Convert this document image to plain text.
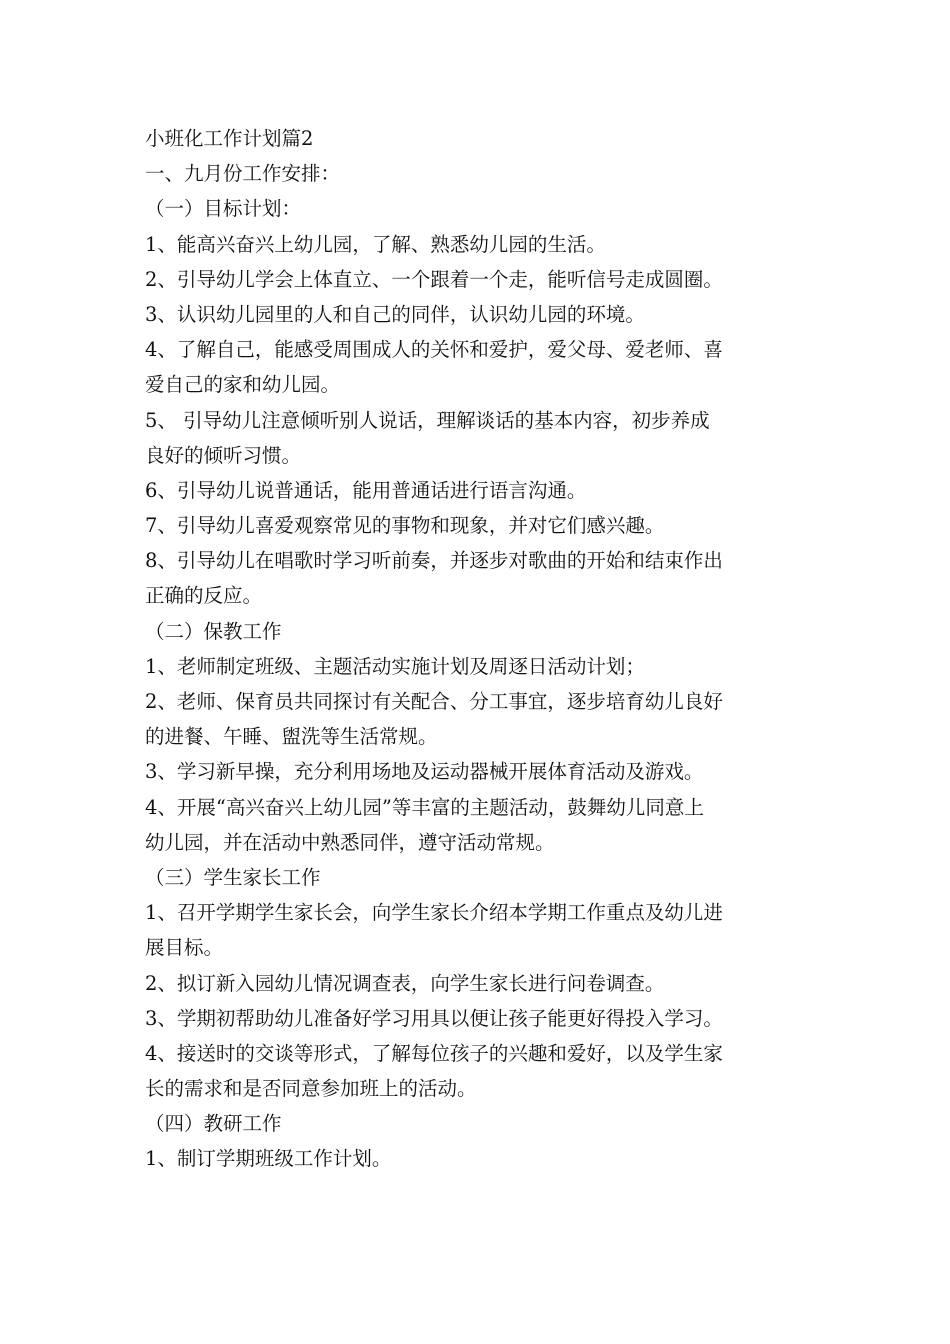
小班化工作计划篇2

一、九月份工作安排：

（一）目标计划：

1、能高兴奋兴上幼儿园，了解、熟悉幼儿园的生活。

2、引导幼儿学会上体直立、一个跟着一个走，能听信号走成圆圈。

3、认识幼儿园里的人和自己的同伴，认识幼儿园的环境。

4、了解自己，能感受周围成人的关怀和爱护，爱父母、爱老师、喜

爱自己的家和幼儿园。

5、 引导幼儿注意倾听别人说话，理解谈话的基本内容，初步养成

良好的倾听习惯。

6、引导幼儿说普通话，能用普通话进行语言沟通。

7、引导幼儿喜爱观察常见的事物和现象，并对它们感兴趣。

8、引导幼儿在唱歌时学习听前奏，并逐步对歌曲的开始和结束作出

正确的反应。

（二）保教工作

1、老师制定班级、主题活动实施计划及周逐日活动计划；

2、老师、保育员共同探讨有关配合、分工事宜，逐步培育幼儿良好

的进餐、午睡、盥洗等生活常规。

3、学习新早操，充分利用场地及运动器械开展体育活动及游戏。

4、开展“高兴奋兴上幼儿园”等丰富的主题活动，鼓舞幼儿同意上

幼儿园，并在活动中熟悉同伴，遵守活动常规。

（三）学生家长工作

1、召开学期学生家长会，向学生家长介绍本学期工作重点及幼儿进

展目标。

2、拟订新入园幼儿情况调查表，向学生家长进行问卷调查。

3、学期初帮助幼儿准备好学习用具以便让孩子能更好得投入学习。

4、接送时的交谈等形式，了解每位孩子的兴趣和爱好，以及学生家

长的需求和是否同意参加班上的活动。

（四）教研工作

1、制订学期班级工作计划。
